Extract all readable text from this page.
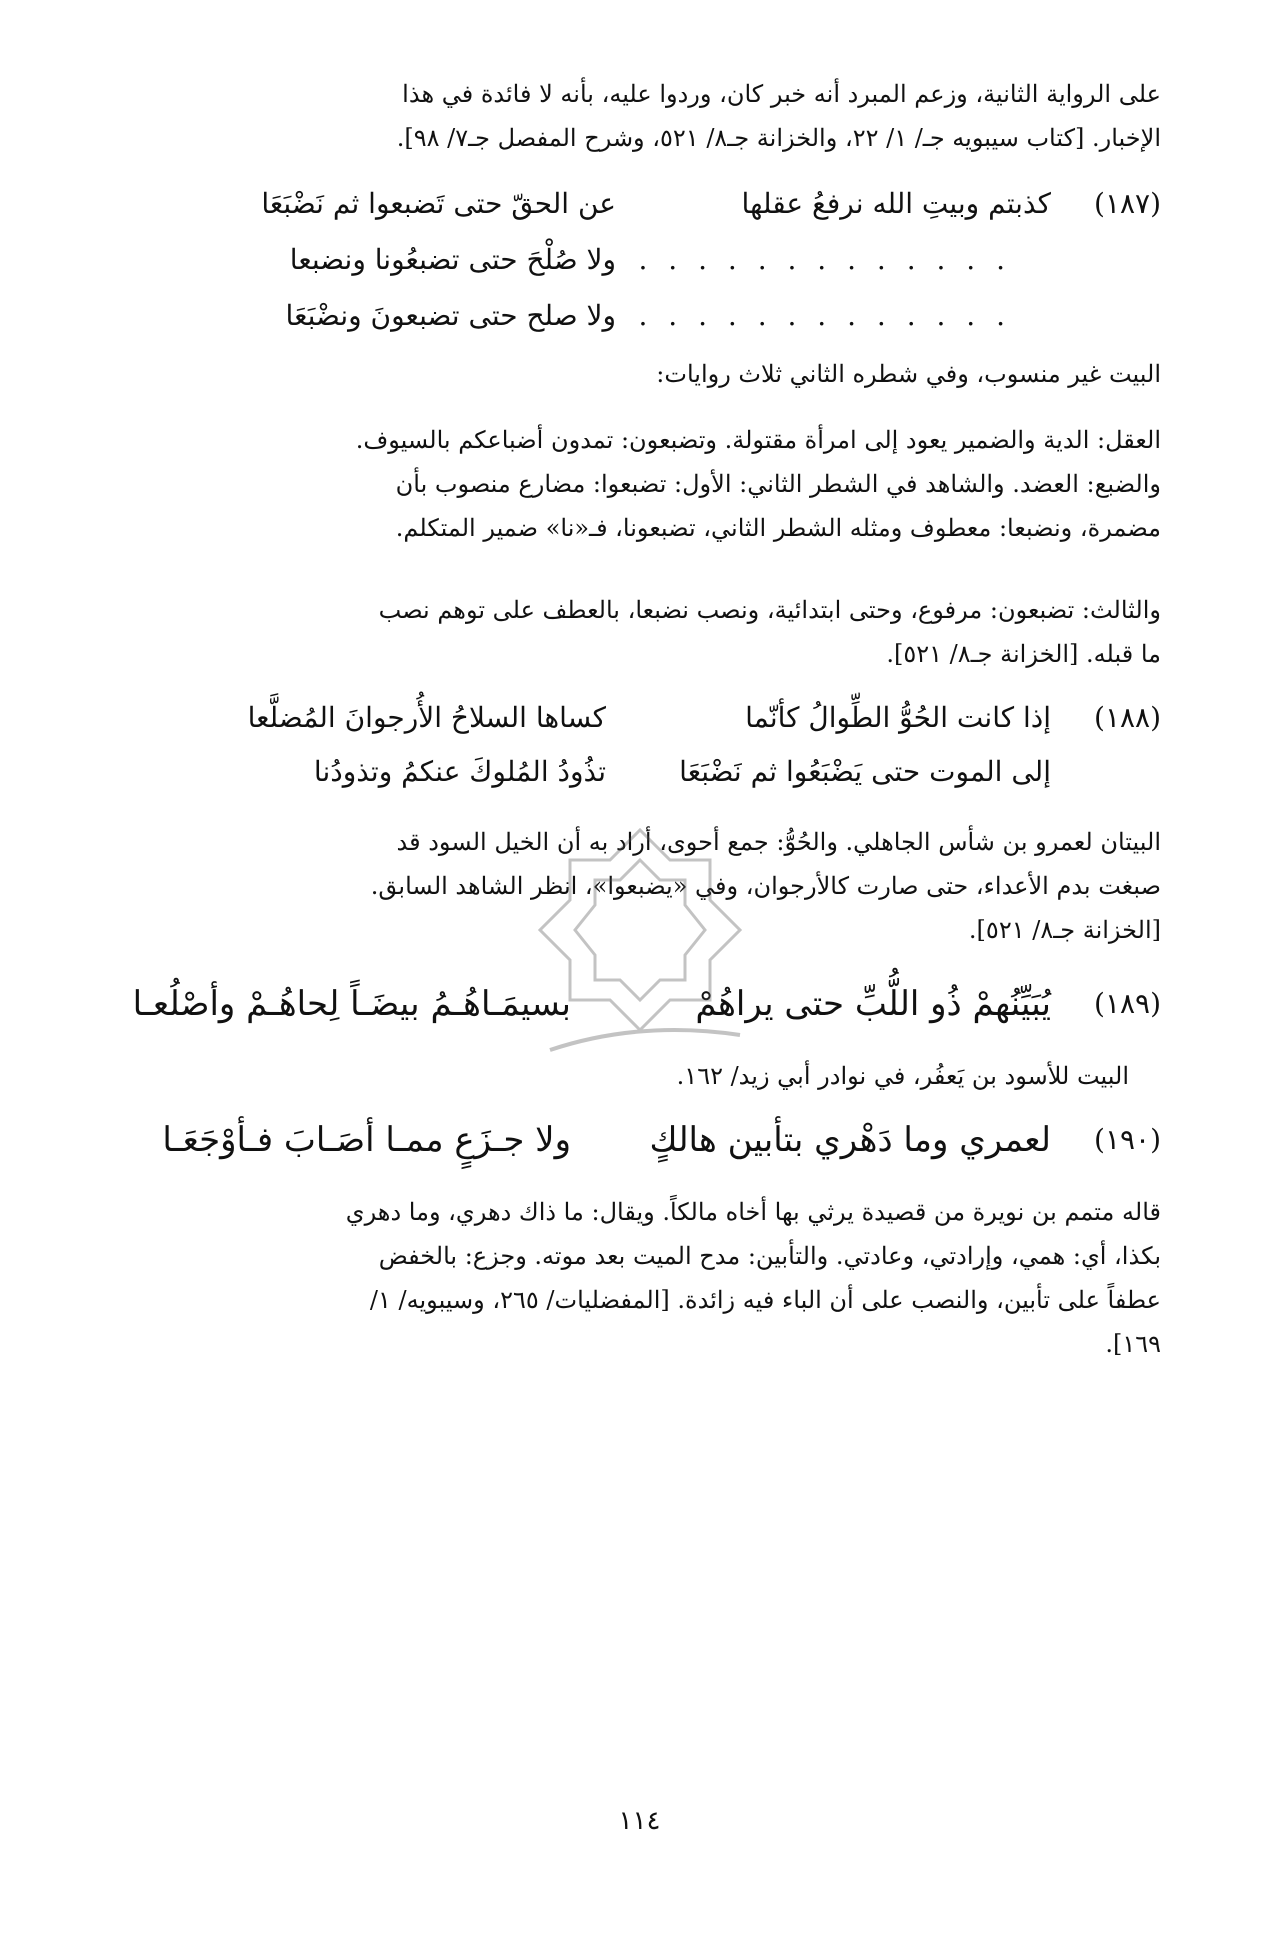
على الرواية الثانية، وزعم المبرد أنه خبر كان، وردوا عليه، بأنه لا فائدة في هذا
الإخبار. [كتاب سيبويه جـ/ ١/ ٢٢، والخزانة جـ٨/ ٥٢١، وشرح المفصل جـ٧/ ٩٨].
(١٨٧)
كذبتم وبيتِ الله نرفعُ عقلها
عن الحقّ حتى تَضبعوا ثم نَضْبَعَا
. . . . . . . . . . . . .
ولا صُلْحَ حتى تضبعُونا ونضبعا
. . . . . . . . . . . . .
ولا صلح حتى تضبعونَ ونضْبَعَا
البيت غير منسوب، وفي شطره الثاني ثلاث روايات:
العقل: الدية والضمير يعود إلى امرأة مقتولة. وتضبعون: تمدون أضباعكم بالسيوف.
والضبع: العضد. والشاهد في الشطر الثاني: الأول: تضبعوا: مضارع منصوب بأن
مضمرة، ونضبعا: معطوف ومثله الشطر الثاني، تضبعونا، فـ«نا» ضمير المتكلم.
والثالث: تضبعون: مرفوع، وحتى ابتدائية، ونصب نضبعا، بالعطف على توهم نصب
ما قبله. [الخزانة جـ٨/ ٥٢١].
(١٨٨)
إذا كانت الحُوُّ الطِّوالُ كأنّما
كساها السلاحُ الأُرجوانَ المُضلَّعا
تذُودُ المُلوكَ عنكمُ وتذودُنا	إلى الموت حتى يَضْبَعُوا ثم نَضْبَعَا
البيتان لعمرو بن شأس الجاهلي. والحُوُّ: جمع أحوى، أراد به أن الخيل السود قد
صبغت بدم الأعداء، حتى صارت كالأرجوان، وفي «يضبعوا»، انظر الشاهد السابق.
[الخزانة جـ٨/ ٥٢١].
(١٨٩)
يُبَيِّنُهمْ ذُو اللُّبِّ حتى يراهُمْ
بسيمَـاهُـمُ بيضَـاً لِحاهُـمْ وأصْلُعـا
البيت للأسود بن يَعفُر، في نوادر أبي زيد/ ١٦٢.
(١٩٠)
لعمري وما دَهْري بتأبين هالكٍ
ولا جـزَعٍ ممـا أصَـابَ فـأوْجَعَـا
قاله متمم بن نويرة من قصيدة يرثي بها أخاه مالكاً. ويقال: ما ذاك دهري، وما دهري
بكذا، أي: همي، وإرادتي، وعادتي. والتأبين: مدح الميت بعد موته. وجزع: بالخفض
عطفاً على تأبين، والنصب على أن الباء فيه زائدة. [المفضليات/ ٢٦٥، وسيبويه/ ١/
١٦٩].
١١٤
